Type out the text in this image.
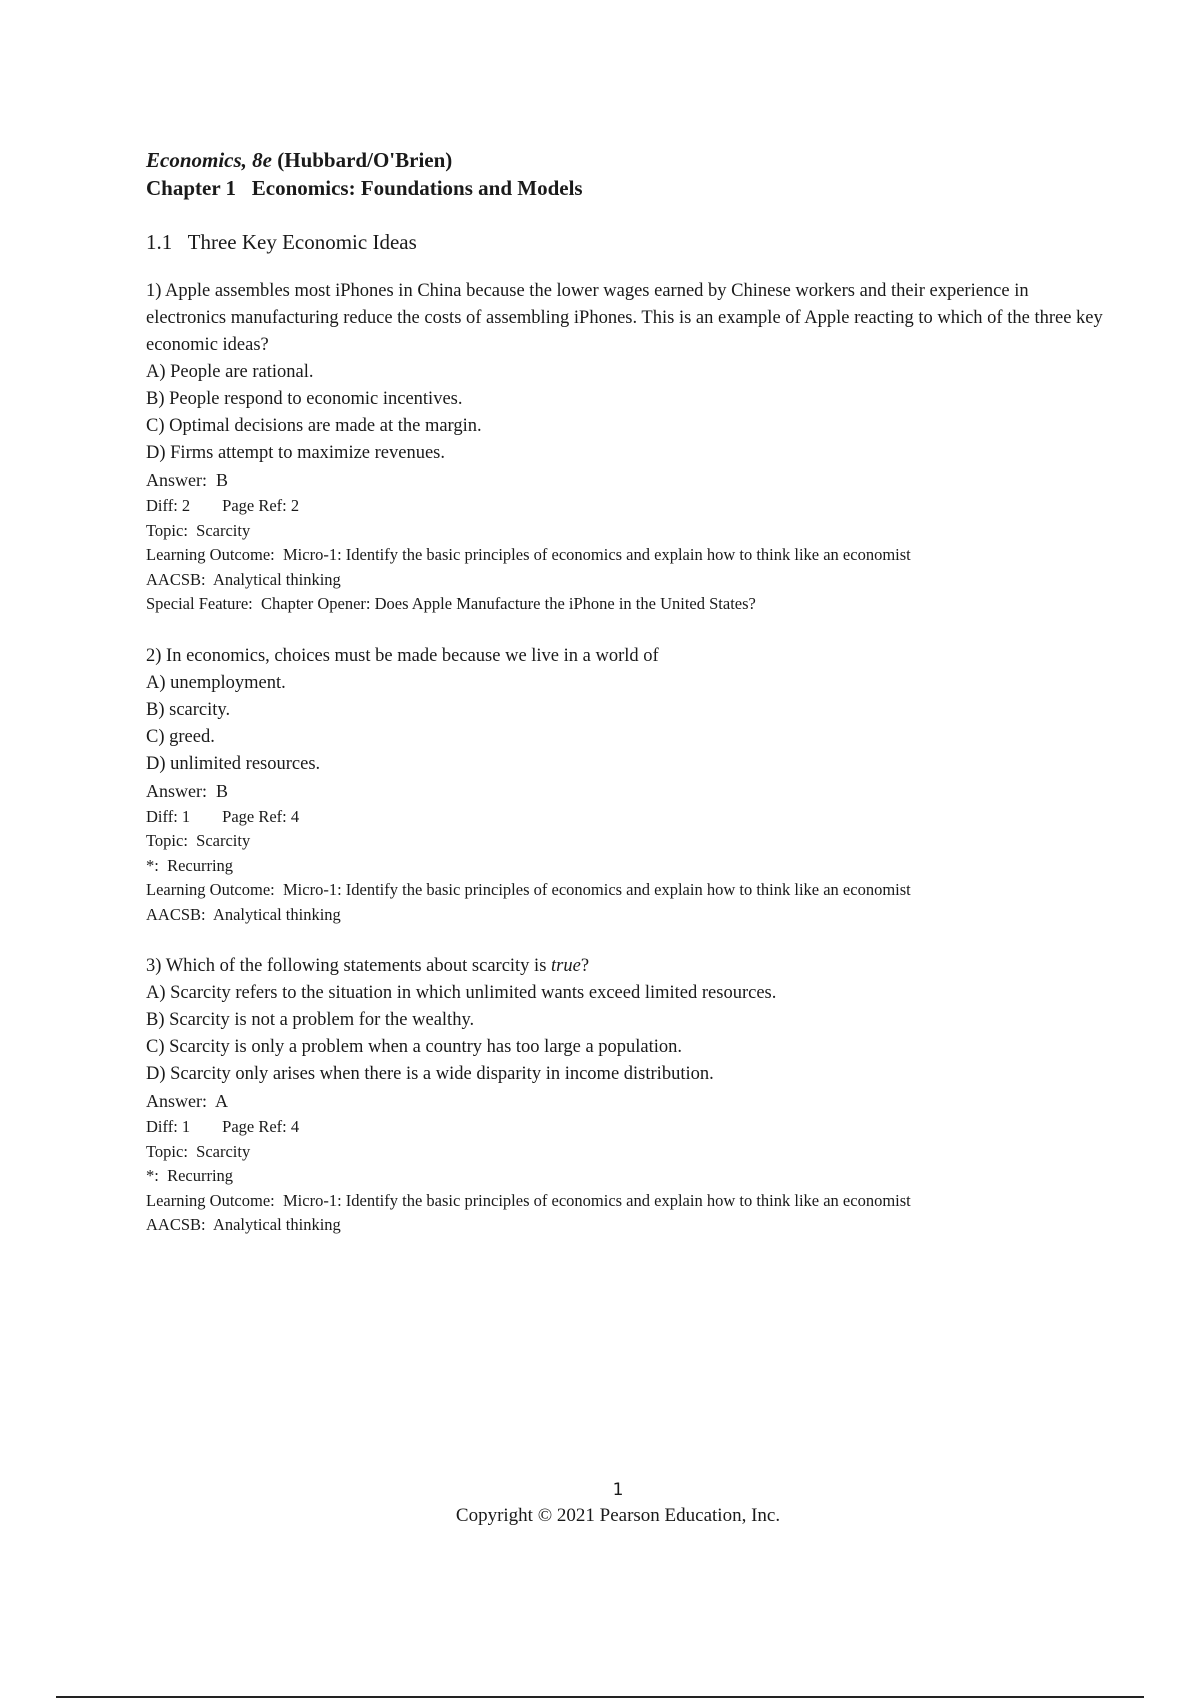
Economics, 8e (Hubbard/O'Brien)
Chapter 1   Economics: Foundations and Models
1.1   Three Key Economic Ideas
1) Apple assembles most iPhones in China because the lower wages earned by Chinese workers and their experience in electronics manufacturing reduce the costs of assembling iPhones. This is an example of Apple reacting to which of the three key economic ideas?
A) People are rational.
B) People respond to economic incentives.
C) Optimal decisions are made at the margin.
D) Firms attempt to maximize revenues.
Answer:  B
Diff: 2 Page Ref: 2
Topic:  Scarcity
Learning Outcome:  Micro-1: Identify the basic principles of economics and explain how to think like an economist
AACSB:  Analytical thinking
Special Feature:  Chapter Opener: Does Apple Manufacture the iPhone in the United States?
2) In economics, choices must be made because we live in a world of
A) unemployment.
B) scarcity.
C) greed.
D) unlimited resources.
Answer:  B
Diff: 1 Page Ref: 4
Topic:  Scarcity
*:  Recurring
Learning Outcome:  Micro-1: Identify the basic principles of economics and explain how to think like an economist
AACSB:  Analytical thinking
3) Which of the following statements about scarcity is true?
A) Scarcity refers to the situation in which unlimited wants exceed limited resources.
B) Scarcity is not a problem for the wealthy.
C) Scarcity is only a problem when a country has too large a population.
D) Scarcity only arises when there is a wide disparity in income distribution.
Answer:  A
Diff: 1 Page Ref: 4
Topic:  Scarcity
*:  Recurring
Learning Outcome:  Micro-1: Identify the basic principles of economics and explain how to think like an economist
AACSB:  Analytical thinking
1
Copyright © 2021 Pearson Education, Inc.
